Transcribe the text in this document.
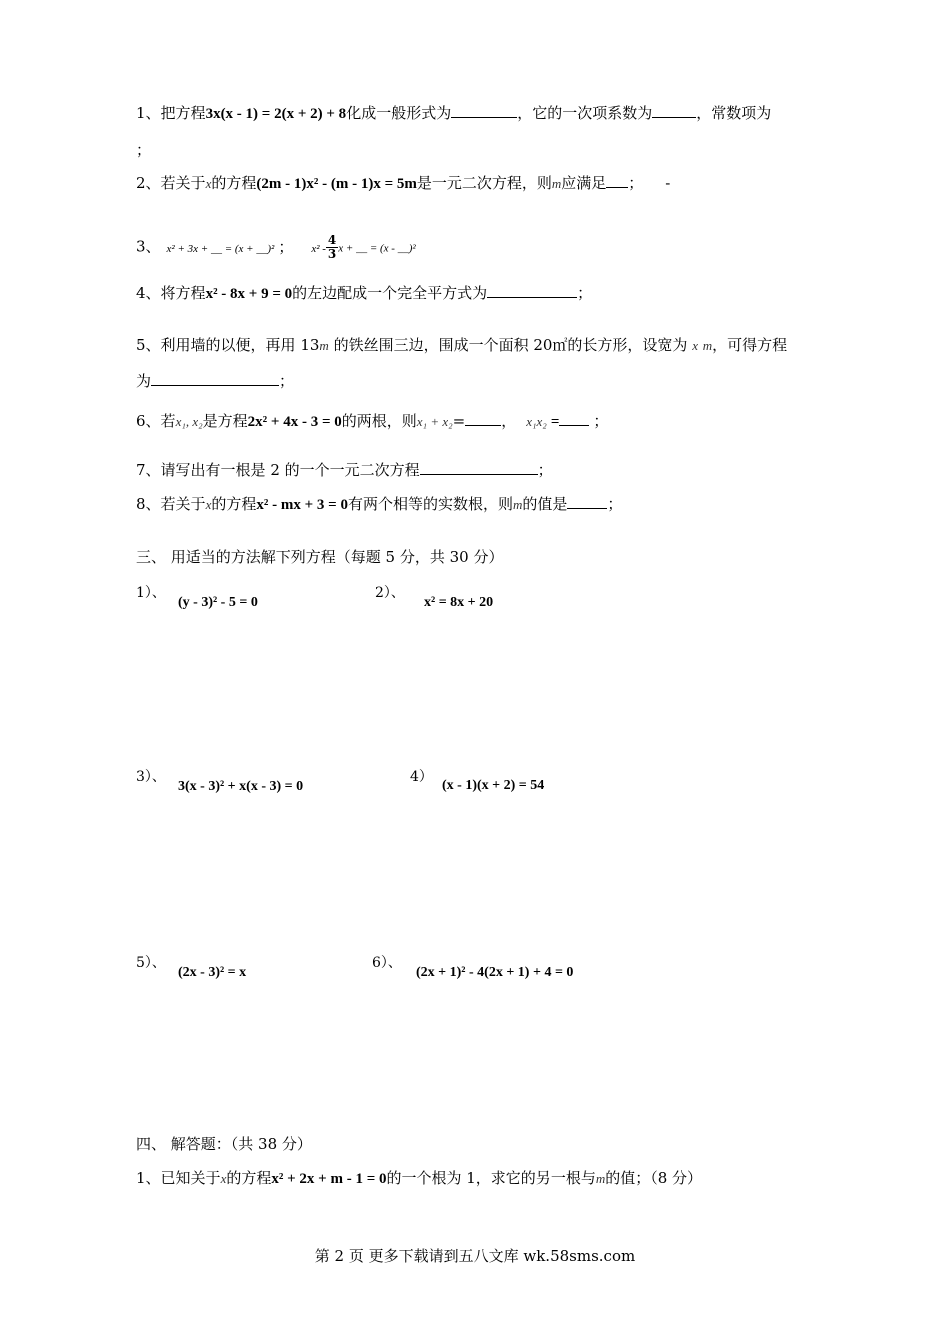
1、把方程3x(x - 1) = 2(x + 2) + 8化成一般形式为	，它的一次项系数为	，常数项为
；
2、若关于x的方程(2m - 1)x² - (m - 1)x = 5m是一元二次方程，则m应满足 ； -
3、 x² + 3x + __ = (x + __)² ； $x^2 - \frac{4}{3}$ x + __ = (x - __)²
4、将方程x² - 8x + 9 = 0的左边配成一个完全平方式为	；
5、利用墙的以便，再用 13m 的铁丝围三边，围成一个面积 20㎡的长方形，设宽为 x m，可得方程
为	；
6、若x₁, x₂是方程2x² + 4x - 3 = 0的两根，则x₁ + x₂= ， x₁x₂ = ；
7、请写出有一根是 2 的一个一元二次方程	；
8、若关于x的方程x² - mx + 3 = 0有两个相等的实数根，则m的值是	；
三、 用适当的方法解下列方程（每题 5 分，共 30 分）
1）、
(y - 3)² - 5 = 0
2）、
x² = 8x + 20
3）、
3(x - 3)² + x(x - 3) = 0
4）
(x - 1)(x + 2) = 54
5）、
(2x - 3)² = x
6）、
(2x + 1)² - 4(2x + 1) + 4 = 0
四、 解答题：（共 38 分）
1、已知关于x的方程x² + 2x + m - 1 = 0的一个根为 1，求它的另一根与m的值；（8 分）
第 2 页 更多下载请到五八文库 wk.58sms.com
